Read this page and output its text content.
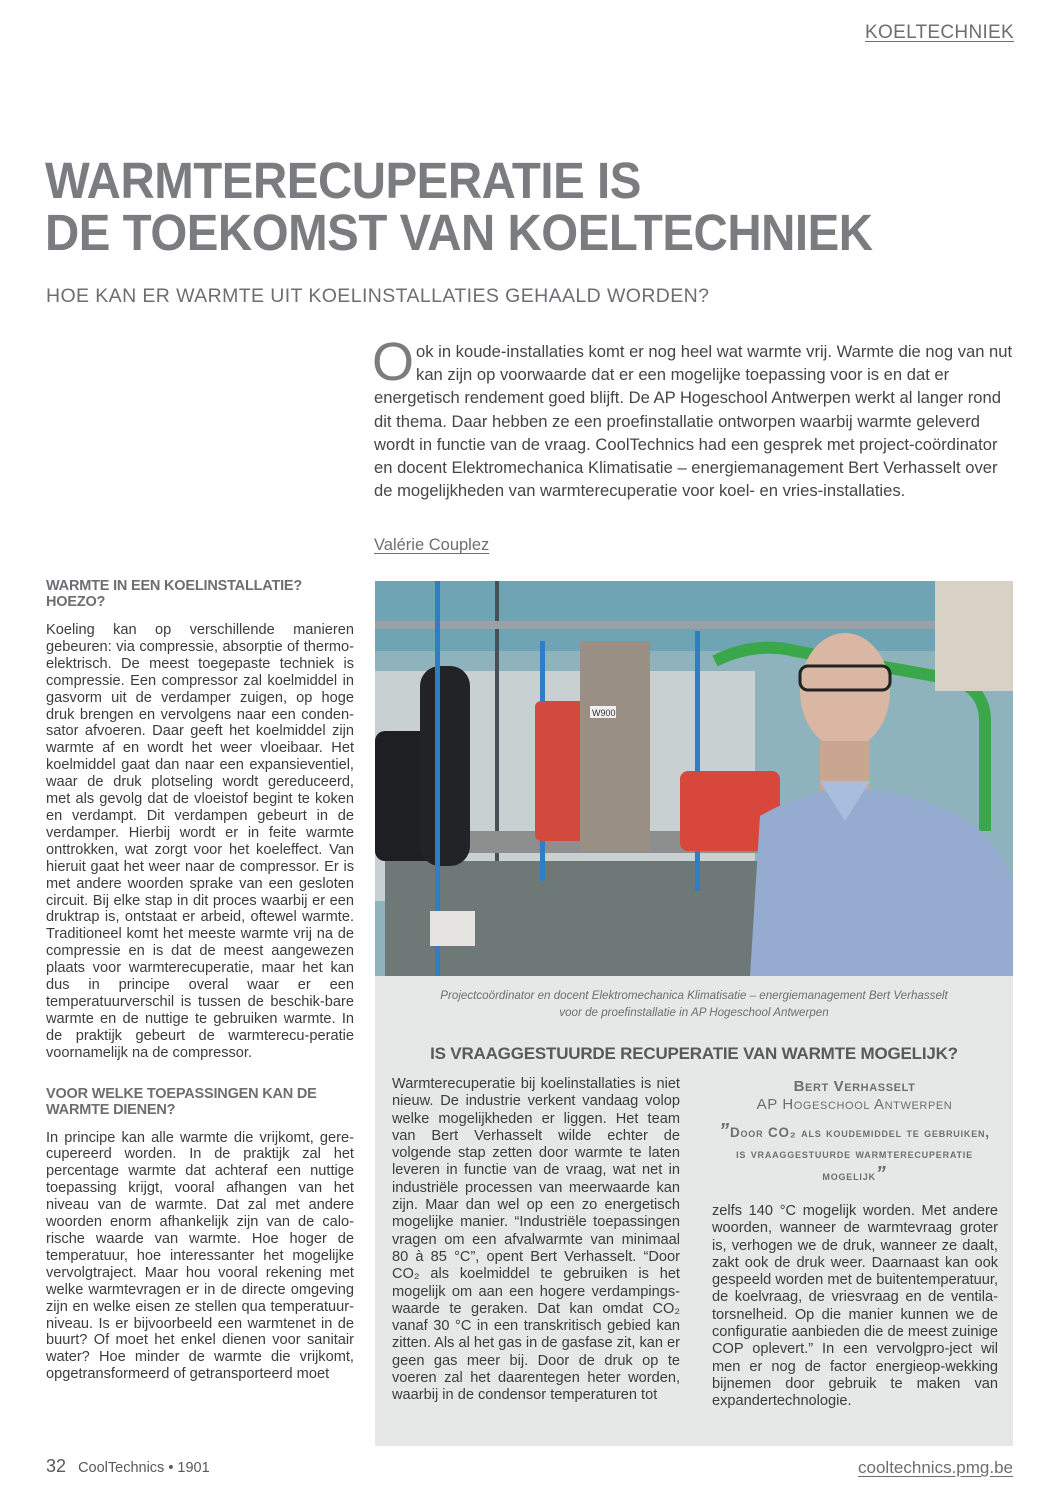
KOELTECHNIEK
WARMTERECUPERATIE IS
DE TOEKOMST VAN KOELTECHNIEK
HOE KAN ER WARMTE UIT KOELINSTALLATIES GEHAALD WORDEN?
O ok in koude-installaties komt er nog heel wat warmte vrij. Warmte die nog van nut kan zijn op voorwaarde dat er een mogelijke toepassing voor is en dat er energetisch rendement goed blijft. De AP Hogeschool Antwerpen werkt al langer rond dit thema. Daar hebben ze een proefinstallatie ontworpen waarbij warmte geleverd wordt in functie van de vraag. CoolTechnics had een gesprek met project-coördinator en docent Elektromechanica Klimatisatie – energiemanagement Bert Verhasselt over de mogelijkheden van warmterecuperatie voor koel- en vries-installaties.
Valérie Couplez
WARMTE IN EEN KOELINSTALLATIE? HOEZO?

Koeling kan op verschillende manieren gebeuren: via compressie, absorptie of thermo-elektrisch. De meest toegepaste techniek is compressie. Een compressor zal koelmiddel in gasvorm uit de verdamper zuigen, op hoge druk brengen en vervolgens naar een conden-sator afvoeren. Daar geeft het koelmiddel zijn warmte af en wordt het weer vloeibaar. Het koelmiddel gaat dan naar een expansieventiel, waar de druk plotseling wordt gereduceerd, met als gevolg dat de vloeistof begint te koken en verdampt. Dit verdampen gebeurt in de verdamper. Hierbij wordt er in feite warmte onttrokken, wat zorgt voor het koeleffect. Van hieruit gaat het weer naar de compressor. Er is met andere woorden sprake van een gesloten circuit. Bij elke stap in dit proces waarbij er een druktrap is, ontstaat er arbeid, oftewel warmte. Traditioneel komt het meeste warmte vrij na de compressie en is dat de meest aangewezen plaats voor warmterecuperatie, maar het kan dus in principe overal waar er een temperatuurverschil is tussen de beschik-bare warmte en de nuttige te gebruiken warmte. In de praktijk gebeurt de warmterecu-peratie voornamelijk na de compressor.

VOOR WELKE TOEPASSINGEN KAN DE WARMTE DIENEN?

In principe kan alle warmte die vrijkomt, gere-cupereerd worden. In de praktijk zal het percentage warmte dat achteraf een nuttige toepassing krijgt, vooral afhangen van het niveau van de warmte. Dat zal met andere woorden enorm afhankelijk zijn van de calo-rische waarde van warmte. Hoe hoger de temperatuur, hoe interessanter het mogelijke vervolgtraject. Maar hou vooral rekening met welke warmtevragen er in de directe omgeving zijn en welke eisen ze stellen qua temperatuur-niveau. Is er bijvoorbeeld een warmtenet in de buurt? Of moet het enkel dienen voor sanitair water? Hoe minder de warmte die vrijkomt, opgetransformeerd of getransporteerd moet

W900
Projectcoördinator en docent Elektromechanica Klimatisatie – energiemanagement Bert Verhasselt
voor de proefinstallatie in AP Hogeschool Antwerpen
IS VRAAGGESTUURDE RECUPERATIE VAN WARMTE MOGELIJK?
Warmterecuperatie bij koelinstallaties is niet nieuw. De industrie verkent vandaag volop welke mogelijkheden er liggen. Het team van Bert Verhasselt wilde echter de volgende stap zetten door warmte te laten leveren in functie van de vraag, wat net in industriële processen van meerwaarde kan zijn. Maar dan wel op een zo energetisch mogelijke manier. “Industriële toepassingen vragen om een afvalwarmte van minimaal 80 à 85 °C”, opent Bert Verhasselt. “Door CO₂ als koelmiddel te gebruiken is het mogelijk om aan een hogere verdampings-waarde te geraken. Dat kan omdat CO₂ vanaf 30 °C in een transkritisch gebied kan zitten. Als al het gas in de gasfase zit, kan er geen gas meer bij. Door de druk op te voeren zal het daarentegen heter worden, waarbij in de condensor temperaturen tot
Bert Verhasselt
AP Hogeschool Antwerpen
”Door CO₂ als koudemiddel te gebruiken, is vraaggestuurde warmterecuperatie mogelijk”
zelfs 140 °C mogelijk worden. Met andere woorden, wanneer de warmtevraag groter is, verhogen we de druk, wanneer ze daalt, zakt ook de druk weer. Daarnaast kan ook gespeeld worden met de buitentemperatuur, de koelvraag, de vriesvraag en de ventila-torsnelheid. Op die manier kunnen we de configuratie aanbieden die de meest zuinige COP oplevert.” In een vervolgpro-ject wil men er nog de factor energieop-wekking bijnemen door gebruik te maken van expandertechnologie.
32 CoolTechnics • 1901	cooltechnics.pmg.be
